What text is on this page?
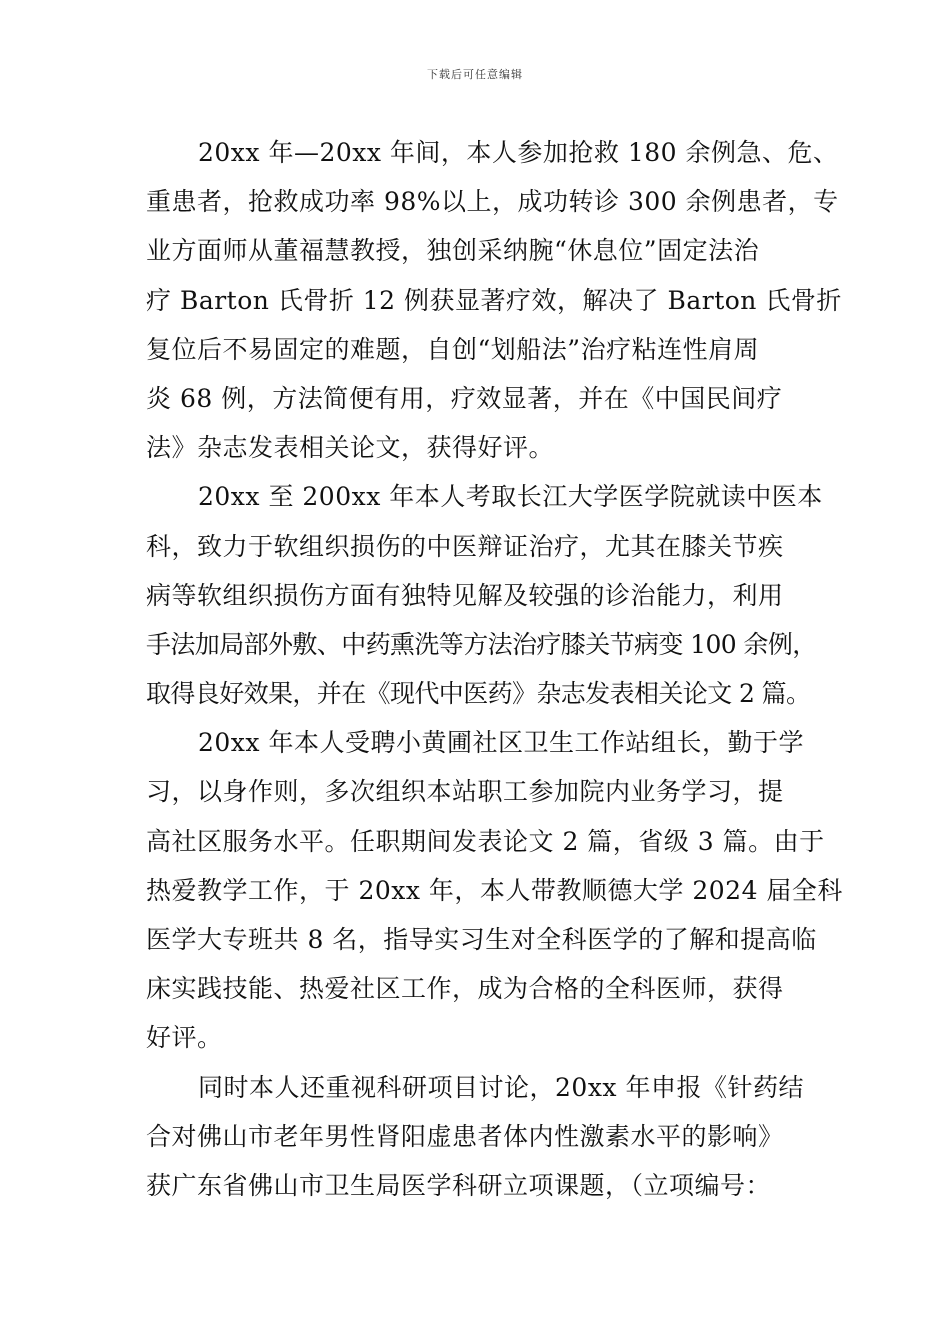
下载后可任意编辑
20xx 年—20xx 年间，本人参加抢救 180 余例急、危、
重患者，抢救成功率 98%以上，成功转诊 300 余例患者，专
业方面师从董福慧教授，独创采纳腕“休息位”固定法治
疗 Barton 氏骨折 12 例获显著疗效，解决了 Barton 氏骨折
复位后不易固定的难题，自创“划船法”治疗粘连性肩周
炎 68 例，方法简便有用，疗效显著，并在《中国民间疗
法》杂志发表相关论文，获得好评。
20xx 至 200xx 年本人考取长江大学医学院就读中医本
科，致力于软组织损伤的中医辩证治疗，尤其在膝关节疾
病等软组织损伤方面有独特见解及较强的诊治能力，利用
手法加局部外敷、中药熏洗等方法治疗膝关节病变 100 余例，
取得良好效果，并在《现代中医药》杂志发表相关论文 2 篇。
20xx 年本人受聘小黄圃社区卫生工作站组长，勤于学
习，以身作则，多次组织本站职工参加院内业务学习，提
高社区服务水平。任职期间发表论文 2 篇，省级 3 篇。由于
热爱教学工作，于 20xx 年，本人带教顺德大学 2024 届全科
医学大专班共 8 名，指导实习生对全科医学的了解和提高临
床实践技能、热爱社区工作，成为合格的全科医师，获得
好评。
同时本人还重视科研项目讨论，20xx 年申报《针药结
合对佛山市老年男性肾阳虚患者体内性激素水平的影响》
获广东省佛山市卫生局医学科研立项课题，（立项编号：
